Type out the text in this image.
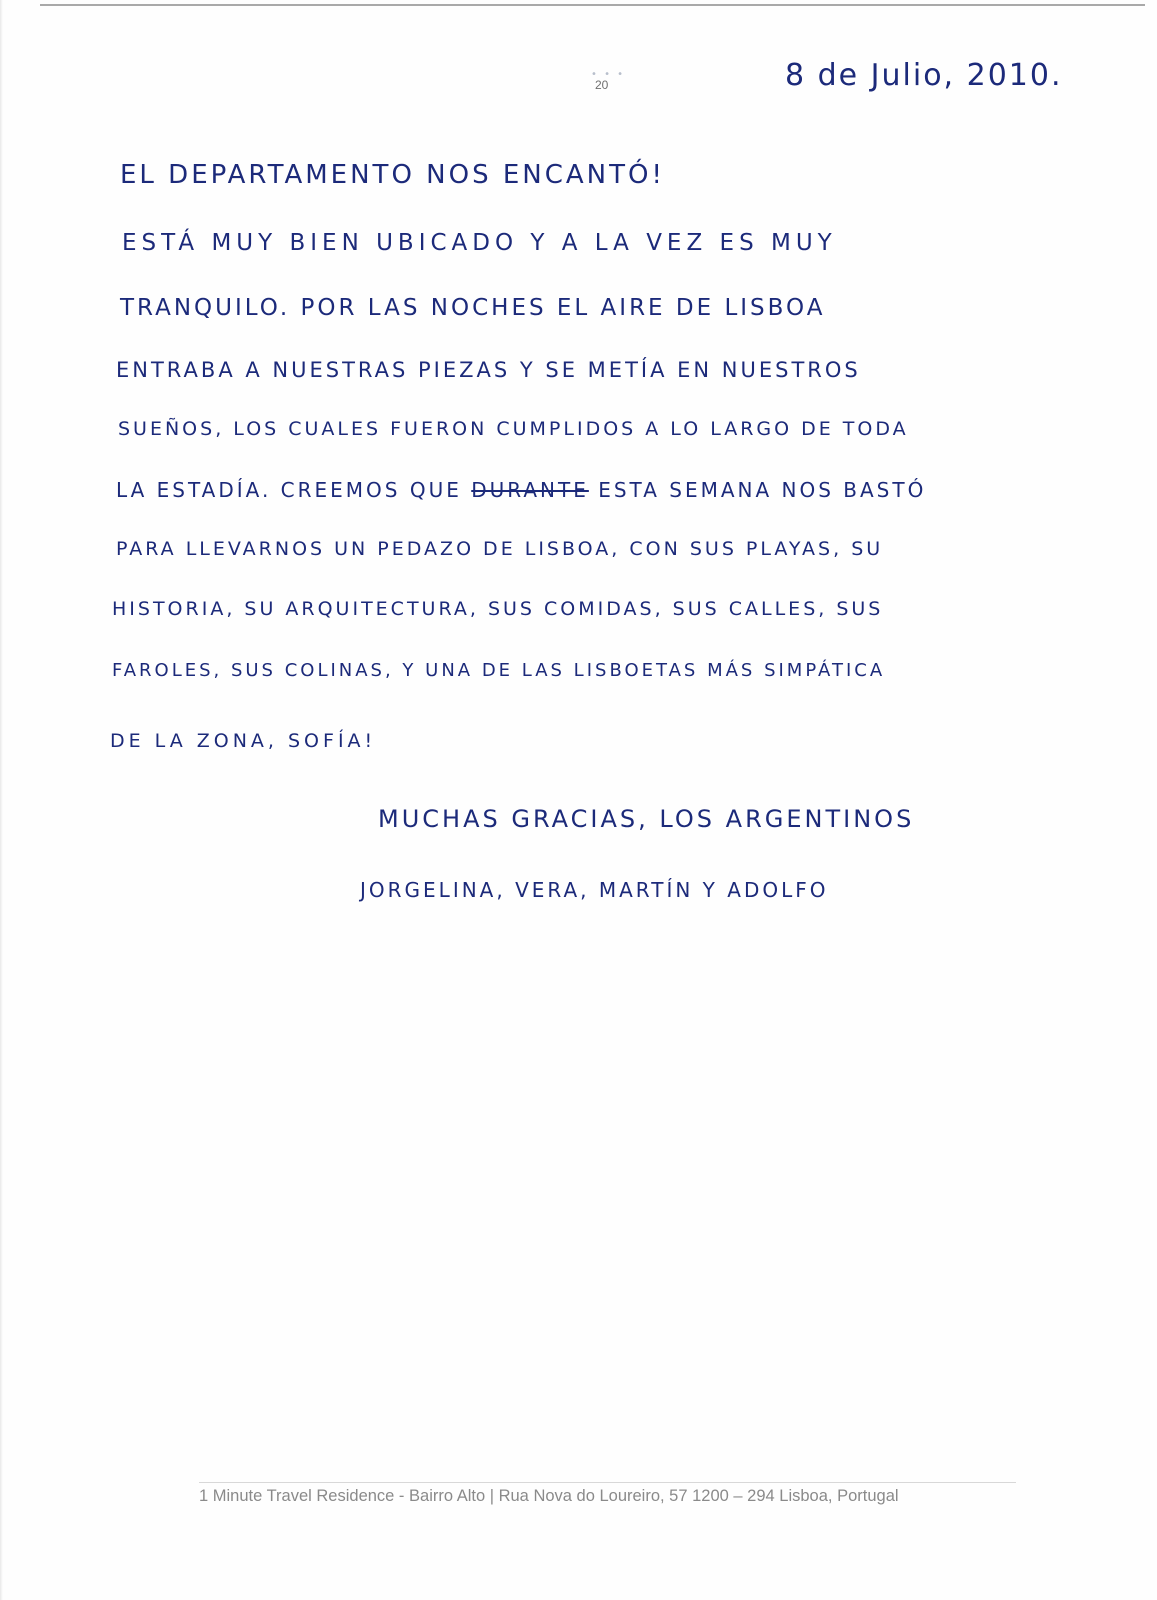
• • •
20	8 de Julio, 2010.
EL DEPARTAMENTO NOS ENCANTÓ!
ESTÁ MUY BIEN UBICADO Y A LA VEZ ES MUY
TRANQUILO. POR LAS NOCHES EL AIRE DE LISBOA
ENTRABA A NUESTRAS PIEZAS Y SE METÍA EN NUESTROS
SUEÑOS, LOS CUALES FUERON CUMPLIDOS A LO LARGO DE TODA
LA ESTADÍA. CREEMOS QUE DURANTE ESTA SEMANA NOS BASTÓ
PARA LLEVARNOS UN PEDAZO DE LISBOA, CON SUS PLAYAS, SU
HISTORIA, SU ARQUITECTURA, SUS COMIDAS, SUS CALLES, SUS
FAROLES, SUS COLINAS, Y UNA DE LAS LISBOETAS MÁS SIMPÁTICA
DE LA ZONA, SOFÍA!
MUCHAS GRACIAS, LOS ARGENTINOS
JORGELINA, VERA, MARTÍN Y ADOLFO
1 Minute Travel Residence - Bairro Alto | Rua Nova do Loureiro, 57 1200 – 294 Lisboa, Portugal
